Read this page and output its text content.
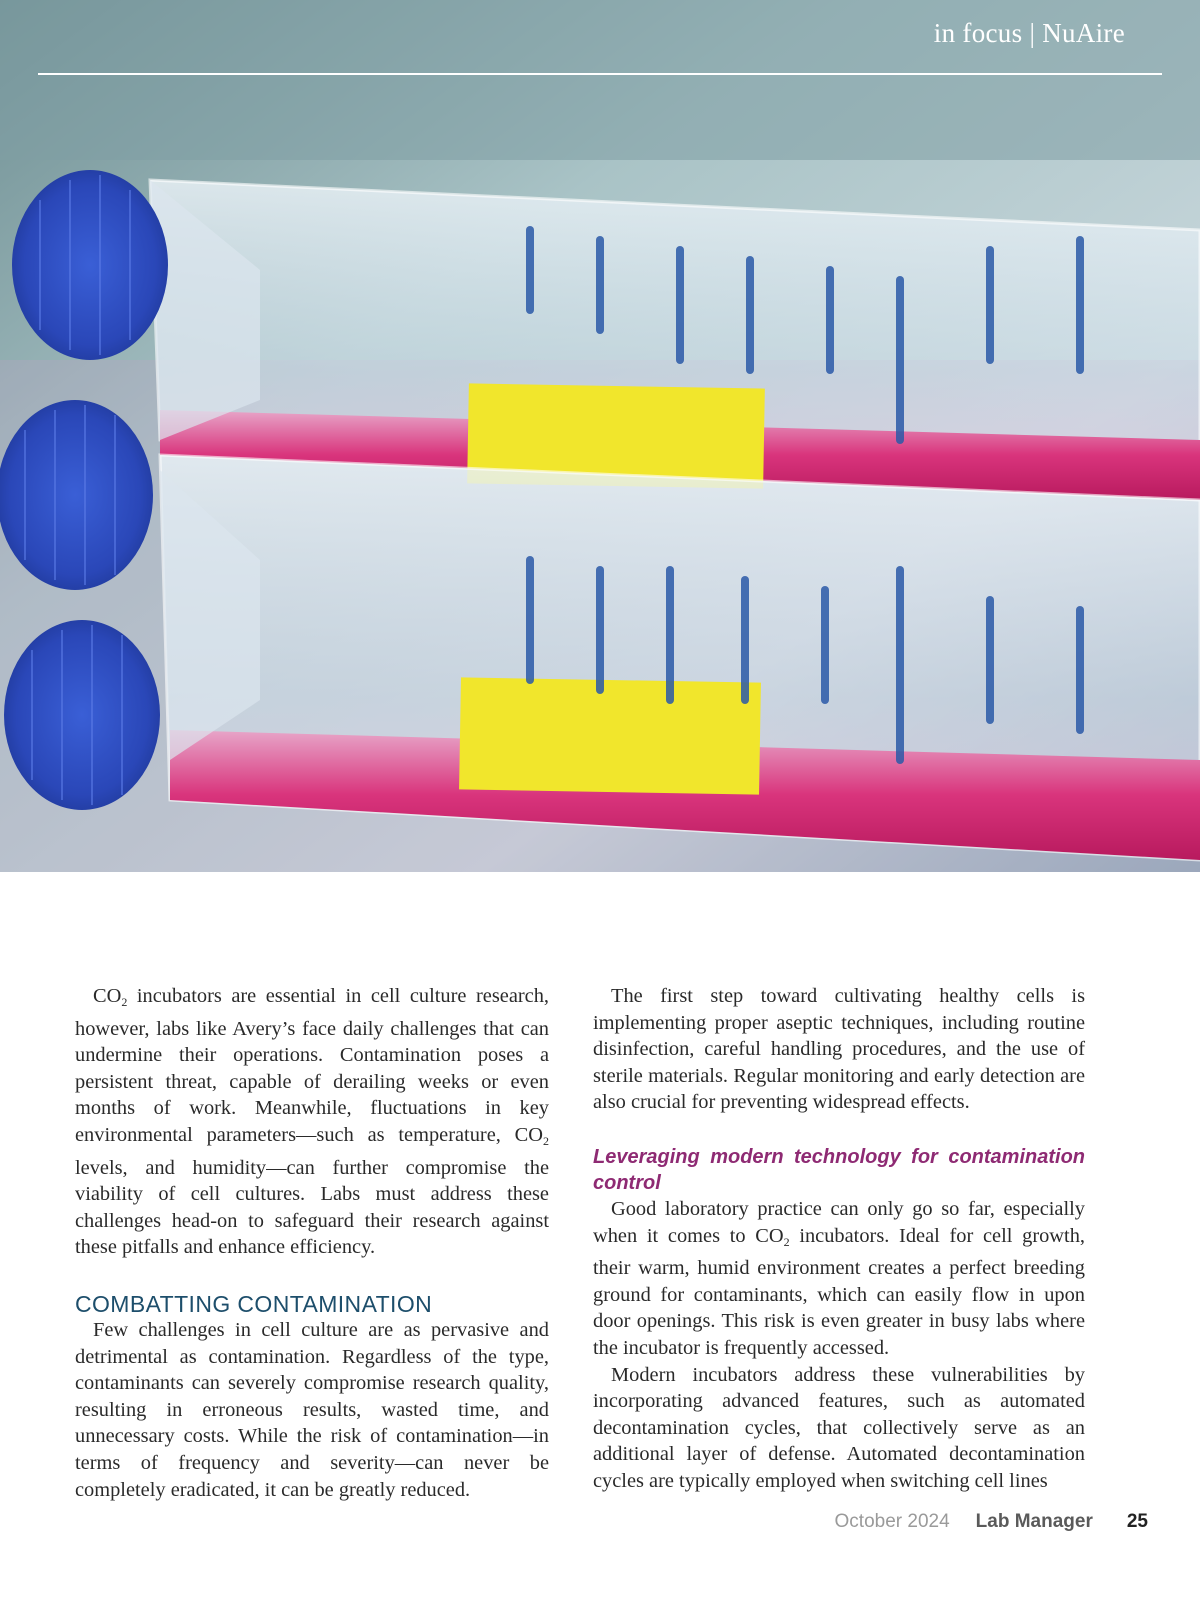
in focus | NuAire

$CO_2$ incubators are essential in cell culture research, however, labs like Avery’s face daily challenges that can undermine their operations. Contamination poses a persistent threat, capable of derailing weeks or even months of work. Meanwhile, fluctuations in key environmental parameters—such as temperature, $CO_2$ levels, and humidity—can further compromise the viability of cell cultures. Labs must address these challenges head-on to safeguard their research against these pitfalls and enhance efficiency.

COMBATTING CONTAMINATION

Few challenges in cell culture are as pervasive and detrimental as contamination. Regardless of the type, contaminants can severely compromise research quality, resulting in erroneous results, wasted time, and unnecessary costs. While the risk of contamination—in terms of frequency and severity—can never be completely eradicated, it can be greatly reduced.

The first step toward cultivating healthy cells is implementing proper aseptic techniques, including routine disinfection, careful handling procedures, and the use of sterile materials. Regular monitoring and early detection are also crucial for preventing widespread effects.

Leveraging modern technology for contamination control

Good laboratory practice can only go so far, especially when it comes to $CO_2$ incubators. Ideal for cell growth, their warm, humid environment creates a perfect breeding ground for contaminants, which can easily flow in upon door openings. This risk is even greater in busy labs where the incubator is frequently accessed.

Modern incubators address these vulnerabilities by incorporating advanced features, such as automated decontamination cycles, that collectively serve as an additional layer of defense. Automated decontamination cycles are typically employed when switching cell lines

October 2024 Lab Manager 25
